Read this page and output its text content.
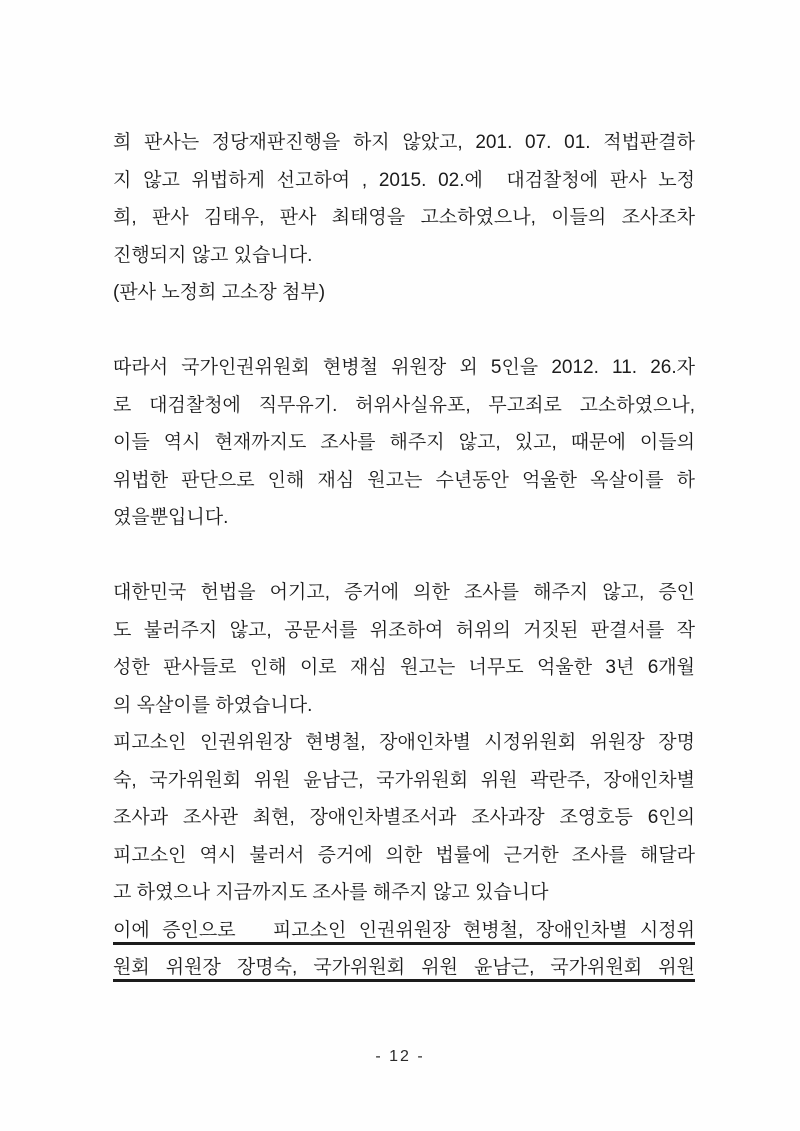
희 판사는 정당재판진행을 하지 않았고, 201. 07. 01. 적법판결하
지 않고 위법하게 선고하여 , 2015. 02.에  대검찰청에 판사 노정
희, 판사 김태우, 판사 최태영을 고소하였으나, 이들의 조사조차
진행되지 않고 있습니다.
(판사 노정희 고소장 첨부)
따라서 국가인권위원회 현병철 위원장 외 5인을 2012. 11. 26.자
로 대검찰청에 직무유기. 허위사실유포, 무고죄로 고소하였으나,
이들 역시 현재까지도 조사를 해주지 않고, 있고, 때문에 이들의
위법한 판단으로 인해 재심 원고는 수년동안 억울한 옥살이를 하
였을뿐입니다.
대한민국 헌법을 어기고, 증거에 의한 조사를 해주지 않고, 증인
도 불러주지 않고, 공문서를 위조하여 허위의 거짓된 판결서를 작
성한 판사들로 인해 이로 재심 원고는 너무도 억울한 3년 6개월
의 옥살이를 하였습니다.
피고소인 인권위원장 현병철, 장애인차별 시정위원회 위원장 장명
숙, 국가위원회 위원 윤남근, 국가위원회 위원 곽란주, 장애인차별
조사과 조사관 최현, 장애인차별조서과 조사과장 조영호등 6인의
피고소인 역시 불러서 증거에 의한 법률에 근거한 조사를 해달라
고 하였으나 지금까지도 조사를 해주지 않고 있습니다
이에 증인으로   피고소인 인권위원장 현병철, 장애인차별 시정위
원회 위원장 장명숙, 국가위원회 위원 윤남근, 국가위원회 위원
- 12 -
